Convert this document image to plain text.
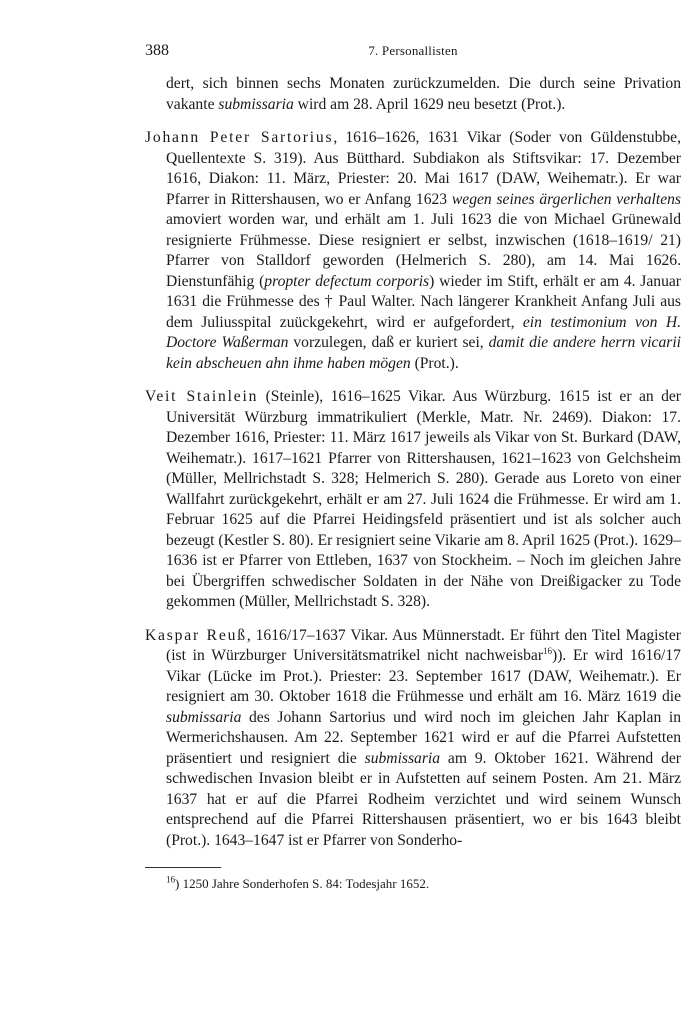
388	7. Personallisten

dert, sich binnen sechs Monaten zurückzumelden. Die durch seine Privation vakante submissaria wird am 28. April 1629 neu besetzt (Prot.).

Johann Peter Sartorius, 1616–1626, 1631 Vikar (Soder von Güldenstubbe, Quellentexte S. 319). Aus Bütthard. Subdiakon als Stiftsvikar: 17. Dezember 1616, Diakon: 11. März, Priester: 20. Mai 1617 (DAW, Weihematr.). Er war Pfarrer in Rittershausen, wo er Anfang 1623 wegen seines ärgerlichen verhaltens amoviert worden war, und erhält am 1. Juli 1623 die von Michael Grünewald resignierte Frühmesse. Diese resigniert er selbst, inzwischen (1618–1619/ 21) Pfarrer von Stalldorf geworden (Helmerich S. 280), am 14. Mai 1626. Dienstunfähig (propter defectum corporis) wieder im Stift, erhält er am 4. Januar 1631 die Frühmesse des † Paul Walter. Nach längerer Krankheit Anfang Juli aus dem Juliusspital zuückgekehrt, wird er aufgefordert, ein testimonium von H. Doctore Waßerman vorzulegen, daß er kuriert sei, damit die andere herrn vicarii kein abscheuen ahn ihme haben mögen (Prot.).

Veit Stainlein (Steinle), 1616–1625 Vikar. Aus Würzburg. 1615 ist er an der Universität Würzburg immatrikuliert (Merkle, Matr. Nr. 2469). Diakon: 17. Dezember 1616, Priester: 11. März 1617 jeweils als Vikar von St. Burkard (DAW, Weihematr.). 1617–1621 Pfarrer von Rittershausen, 1621–1623 von Gelchsheim (Müller, Mellrichstadt S. 328; Helmerich S. 280). Gerade aus Loreto von einer Wallfahrt zurückgekehrt, erhält er am 27. Juli 1624 die Frühmesse. Er wird am 1. Februar 1625 auf die Pfarrei Heidingsfeld präsentiert und ist als solcher auch bezeugt (Kestler S. 80). Er resigniert seine Vikarie am 8. April 1625 (Prot.). 1629–1636 ist er Pfarrer von Ettleben, 1637 von Stockheim. – Noch im gleichen Jahre bei Übergriffen schwedischer Soldaten in der Nähe von Dreißigacker zu Tode gekommen (Müller, Mellrichstadt S. 328).

Kaspar Reuß, 1616/17–1637 Vikar. Aus Münnerstadt. Er führt den Titel Magister (ist in Würzburger Universitätsmatrikel nicht nachweisbar$^{16}$)). Er wird 1616/17 Vikar (Lücke im Prot.). Priester: 23. September 1617 (DAW, Weihematr.). Er resigniert am 30. Oktober 1618 die Frühmesse und erhält am 16. März 1619 die submissaria des Johann Sartorius und wird noch im gleichen Jahr Kaplan in Wermerichshausen. Am 22. September 1621 wird er auf die Pfarrei Aufstetten präsentiert und resigniert die submissaria am 9. Oktober 1621. Während der schwedischen Invasion bleibt er in Aufstetten auf seinem Posten. Am 21. März 1637 hat er auf die Pfarrei Rodheim verzichtet und wird seinem Wunsch entsprechend auf die Pfarrei Rittershausen präsentiert, wo er bis 1643 bleibt (Prot.). 1643–1647 ist er Pfarrer von Sonderho-

$^{16}$) 1250 Jahre Sonderhofen S. 84: Todesjahr 1652.
